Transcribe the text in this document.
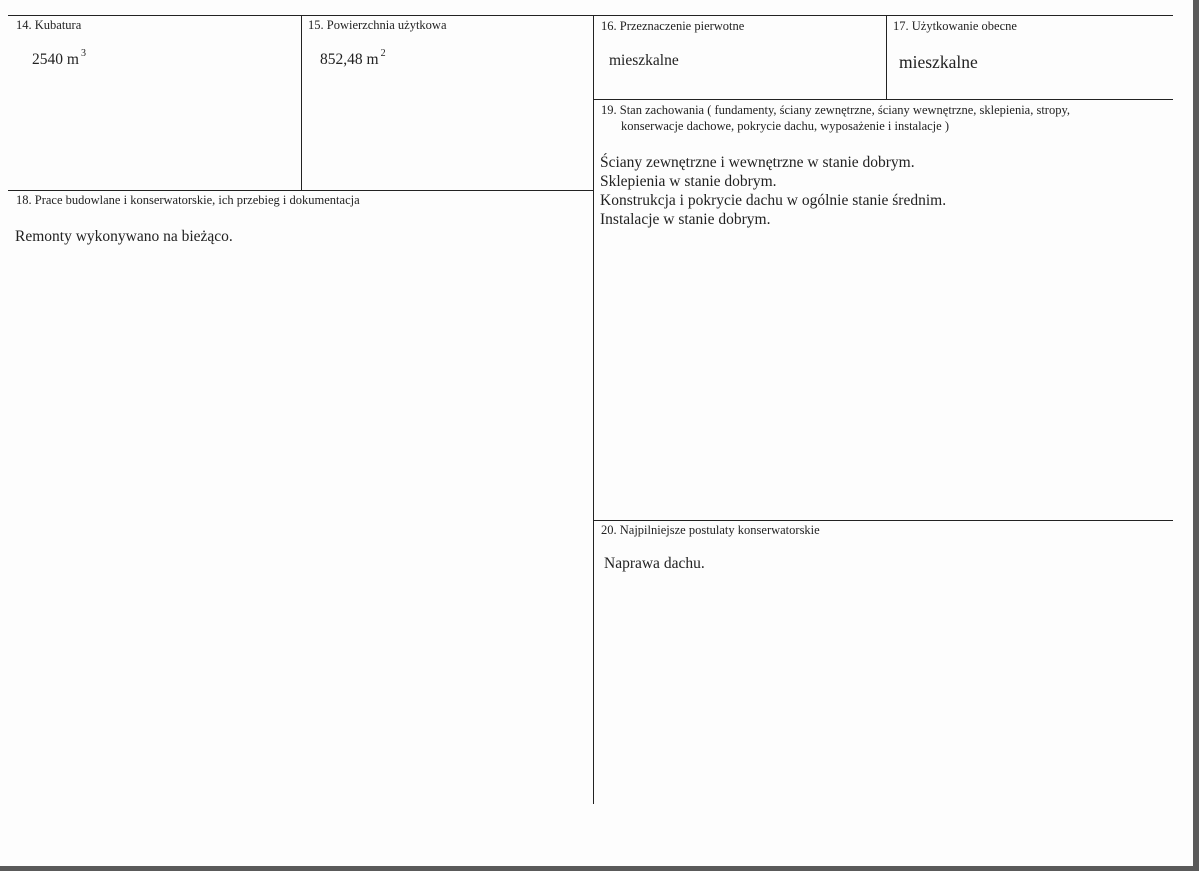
14. Kubatura
2540 m $^3$
15. Powierzchnia użytkowa
852,48 m $^2$
16. Przeznaczenie pierwotne
mieszkalne
17. Użytkowanie obecne
mieszkalne
19. Stan zachowania ( fundamenty, ściany zewnętrzne, ściany wewnętrzne, sklepienia, stropy,
konserwacje dachowe, pokrycie dachu, wyposażenie i instalacje )
Ściany zewnętrzne i wewnętrzne w stanie dobrym.
Sklepienia w stanie dobrym.
Konstrukcja i pokrycie dachu w ogólnie stanie średnim.
Instalacje w stanie dobrym.
18. Prace budowlane i konserwatorskie, ich przebieg i dokumentacja
Remonty wykonywano na bieżąco.
20. Najpilniejsze postulaty konserwatorskie
Naprawa dachu.
